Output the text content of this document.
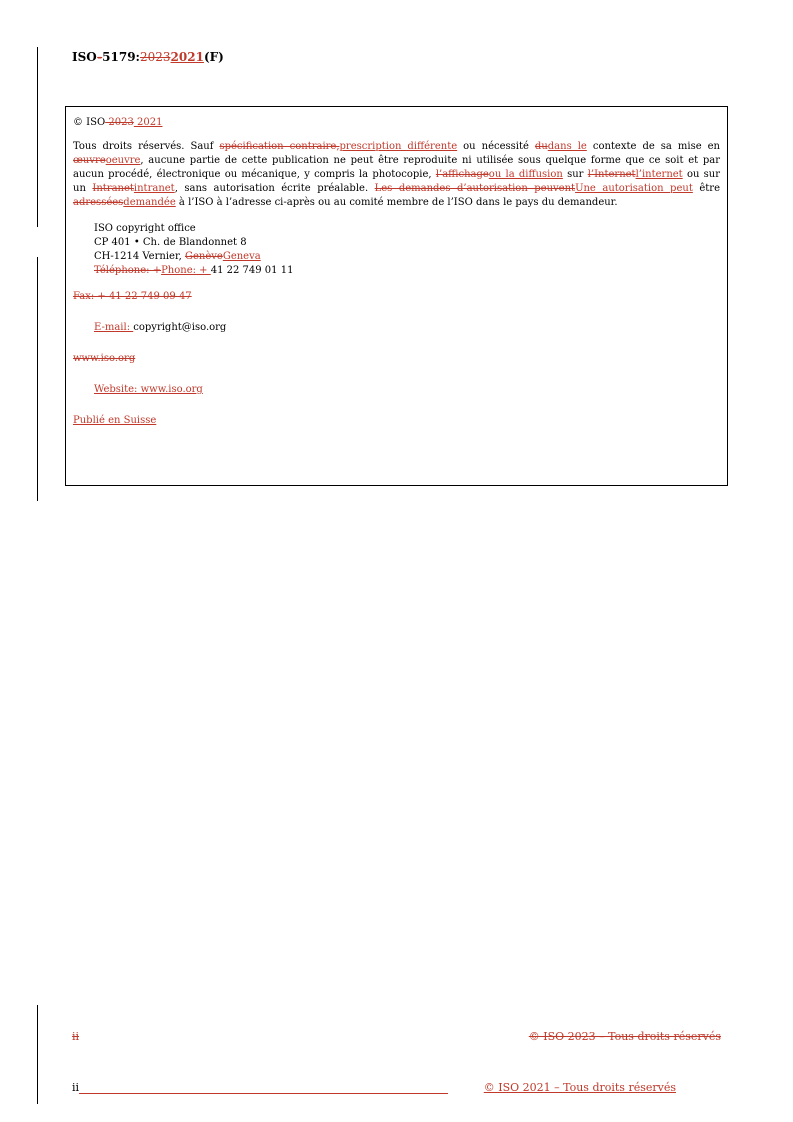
ISO-5179:20232021(F)

© ISO 2023 2021

Tous droits réservés. Sauf spécification contraire,prescription différente ou nécessité dudans le contexte de sa mise en œuvreoeuvre, aucune partie de cette publication ne peut être reproduite ni utilisée sous quelque forme que ce soit et par aucun procédé, électronique ou mécanique, y compris la photocopie, l’affichageou la diffusion sur l’Internetl’internet ou sur un Intranetintranet, sans autorisation écrite préalable. Les demandes d’autorisation peuventUne autorisation peut être adresséesdemandée à l’ISO à l’adresse ci-après ou au comité membre de l’ISO dans le pays du demandeur.

ISO copyright office
CP 401 • Ch. de Blandonnet 8
CH-1214 Vernier, GenèveGeneva
Téléphone: +Phone: + 41 22 749 01 11

Fax: + 41 22 749 09 47

E-mail: copyright@iso.org

www.iso.org

Website: www.iso.org

Publié en Suisse

ii	© ISO 2023 – Tous droits réservés
ii	© ISO 2021 – Tous droits réservés
